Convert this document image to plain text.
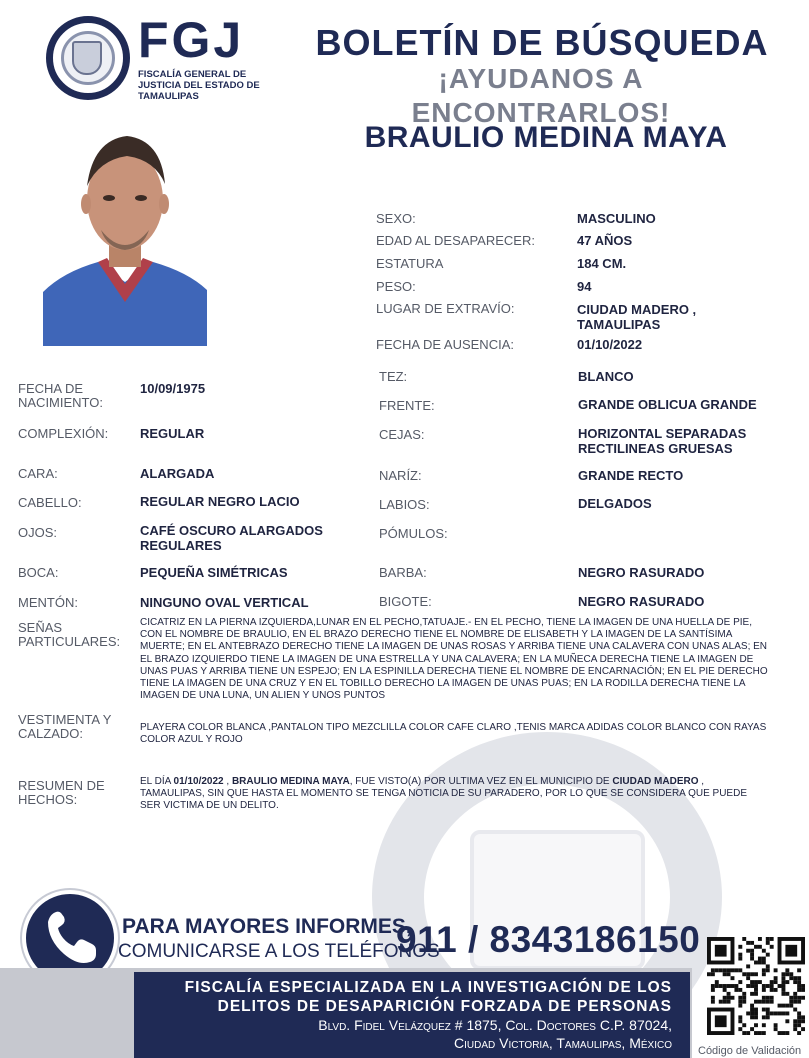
FGJ
FISCALÍA GENERAL DE JUSTICIA DEL ESTADO DE TAMAULIPAS
BOLETÍN DE BÚSQUEDA
¡AYUDANOS A ENCONTRARLOS!
BRAULIO MEDINA MAYA
SEXO:	MASCULINO
EDAD AL DESAPARECER:	47 AÑOS
ESTATURA	184 CM.
PESO:	94
LUGAR DE EXTRAVÍO:	CIUDAD MADERO ,
TAMAULIPAS
FECHA DE AUSENCIA:	01/10/2022
FECHA DE
NACIMIENTO:
10/09/1975
COMPLEXIÓN: REGULAR
CARA:	ALARGADA
CABELLO:	REGULAR NEGRO LACIO
OJOS:	CAFÉ OSCURO ALARGADOS
REGULARES
BOCA:	PEQUEÑA SIMÉTRICAS
MENTÓN:	NINGUNO OVAL VERTICAL
TEZ:	BLANCO
FRENTE:	GRANDE OBLICUA GRANDE
CEJAS:	HORIZONTAL SEPARADAS
RECTILINEAS GRUESAS
NARÍZ:	GRANDE RECTO
LABIOS:	DELGADOS
PÓMULOS:
BARBA:	NEGRO RASURADO
BIGOTE:	NEGRO RASURADO
SEÑAS
PARTICULARES:
CICATRIZ EN LA PIERNA IZQUIERDA,LUNAR EN EL PECHO,TATUAJE.- EN EL PECHO, TIENE LA IMAGEN DE UNA HUELLA DE PIE, CON EL NOMBRE DE BRAULIO, EN EL BRAZO DERECHO TIENE EL NOMBRE DE ELISABETH Y LA IMAGEN DE LA SANTÍSIMA MUERTE; EN EL ANTEBRAZO DERECHO TIENE LA IMAGEN DE UNAS ROSAS Y ARRIBA TIENE UNA CALAVERA CON UNAS ALAS; EN EL BRAZO IZQUIERDO TIENE LA IMAGEN DE UNA ESTRELLA Y UNA CALAVERA; EN LA MUÑECA DERECHA TIENE LA IMAGEN DE UNAS PUAS Y ARRIBA TIENE UN ESPEJO; EN LA ESPINILLA DERECHA TIENE EL NOMBRE DE ENCARNACIÓN; EN EL PIE DERECHO TIENE LA IMAGEN DE UNA CRUZ Y EN EL TOBILLO DERECHO LA IMAGEN DE UNAS PUAS; EN LA RODILLA DERECHA TIENE LA IMAGEN DE UNA LUNA, UN ALIEN Y UNOS PUNTOS
VESTIMENTA Y
CALZADO:	PLAYERA COLOR BLANCA ,PANTALON TIPO MEZCLILLA COLOR CAFE CLARO ,TENIS MARCA ADIDAS COLOR BLANCO CON RAYAS COLOR AZUL Y ROJO
RESUMEN DE
HECHOS:
EL DÍA 01/10/2022 , BRAULIO MEDINA MAYA, FUE VISTO(A) POR ULTIMA VEZ EN EL MUNICIPIO DE CIUDAD MADERO , TAMAULIPAS, SIN QUE HASTA EL MOMENTO SE TENGA NOTICIA DE SU PARADERO, POR LO QUE SE CONSIDERA QUE PUEDE SER VICTIMA DE UN DELITO.
PARA MAYORES INFORMES,
COMUNICARSE A LOS TELÉFONOS
911 / 8343186150
FISCALÍA ESPECIALIZADA EN LA INVESTIGACIÓN DE LOS
DELITOS DE DESAPARICIÓN FORZADA DE PERSONAS
Blvd. Fidel Velázquez # 1875, Col. Doctores C.P. 87024,
Ciudad Victoria, Tamaulipas, México Código de Validación
